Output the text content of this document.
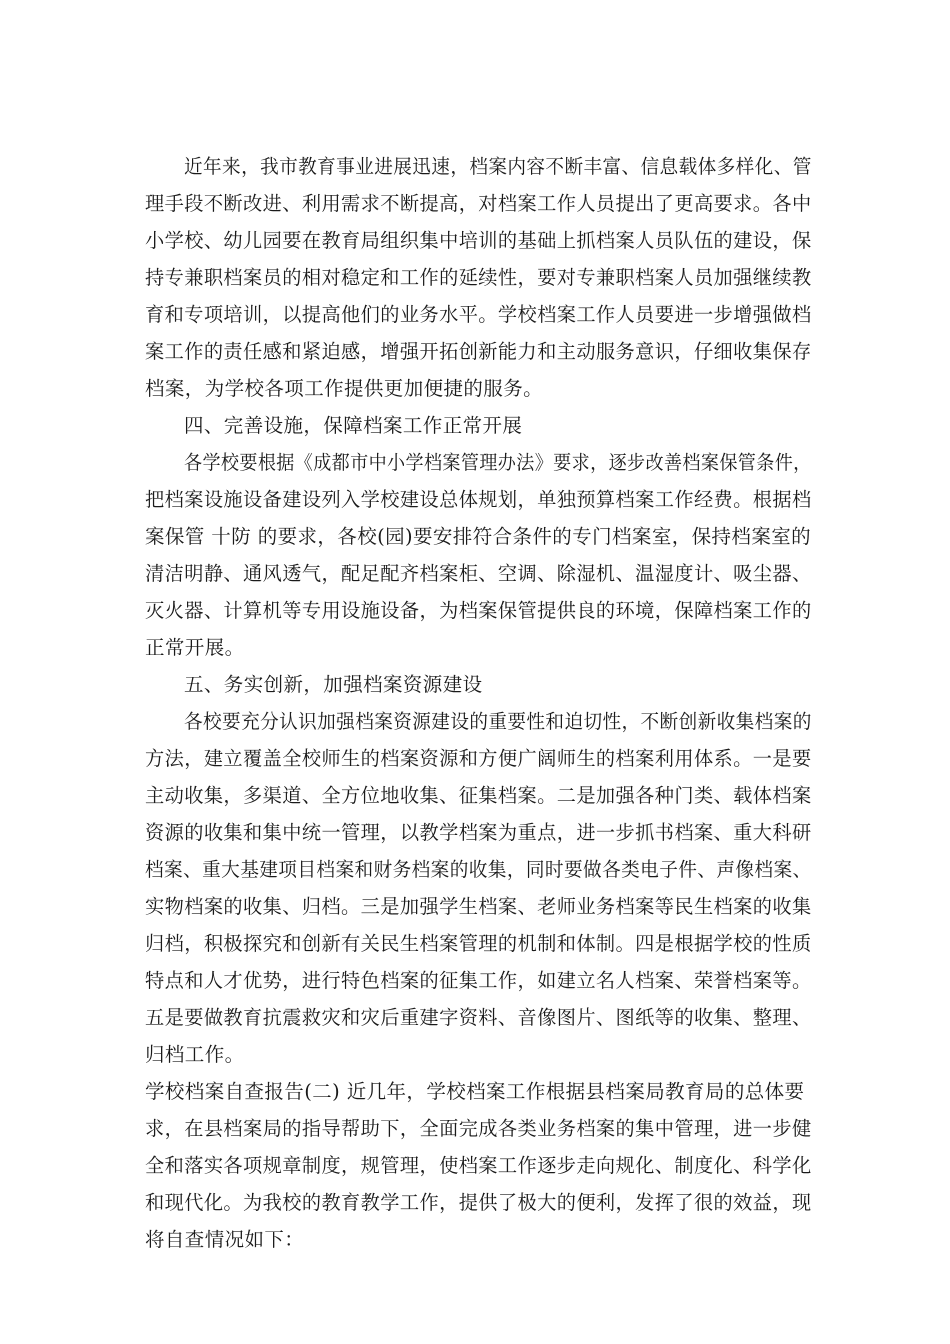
近年来，我市教育事业进展迅速，档案内容不断丰富、信息载体多样化、管
理手段不断改进、利用需求不断提高，对档案工作人员提出了更高要求。各中
小学校、幼儿园要在教育局组织集中培训的基础上抓档案人员队伍的建设，保
持专兼职档案员的相对稳定和工作的延续性，要对专兼职档案人员加强继续教
育和专项培训，以提高他们的业务水平。学校档案工作人员要进一步增强做档
案工作的责任感和紧迫感，增强开拓创新能力和主动服务意识，仔细收集保存
档案，为学校各项工作提供更加便捷的服务。
四、完善设施，保障档案工作正常开展
各学校要根据《成都市中小学档案管理办法》要求，逐步改善档案保管条件，
把档案设施设备建设列入学校建设总体规划，单独预算档案工作经费。根据档
案保管 十防 的要求，各校(园)要安排符合条件的专门档案室，保持档案室的
清洁明静、通风透气，配足配齐档案柜、空调、除湿机、温湿度计、吸尘器、
灭火器、计算机等专用设施设备，为档案保管提供良的环境，保障档案工作的
正常开展。
五、务实创新，加强档案资源建设
各校要充分认识加强档案资源建设的重要性和迫切性，不断创新收集档案的
方法，建立覆盖全校师生的档案资源和方便广阔师生的档案利用体系。一是要
主动收集，多渠道、全方位地收集、征集档案。二是加强各种门类、载体档案
资源的收集和集中统一管理，以教学档案为重点，进一步抓书档案、重大科研
档案、重大基建项目档案和财务档案的收集，同时要做各类电子件、声像档案、
实物档案的收集、归档。三是加强学生档案、老师业务档案等民生档案的收集
归档，积极探究和创新有关民生档案管理的机制和体制。四是根据学校的性质
特点和人才优势，进行特色档案的征集工作，如建立名人档案、荣誉档案等。
五是要做教育抗震救灾和灾后重建字资料、音像图片、图纸等的收集、整理、
归档工作。
学校档案自查报告(二) 近几年，学校档案工作根据县档案局教育局的总体要
求，在县档案局的指导帮助下，全面完成各类业务档案的集中管理，进一步健
全和落实各项规章制度，规管理，使档案工作逐步走向规化、制度化、科学化
和现代化。为我校的教育教学工作，提供了极大的便利，发挥了很的效益，现
将自查情况如下：
